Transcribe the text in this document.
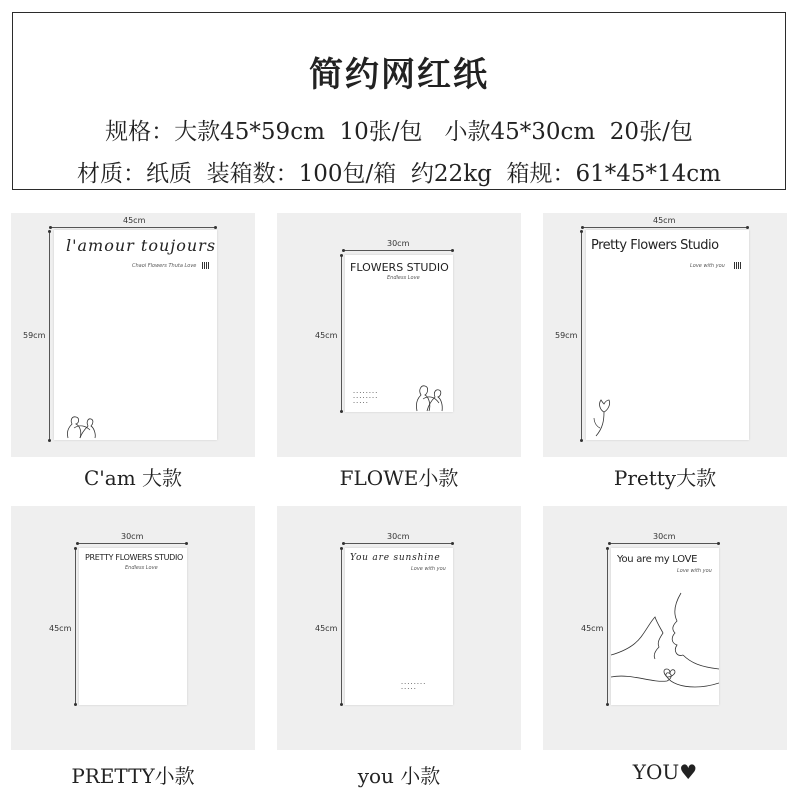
简约网红纸
规格：大款45*59cm  10张/包   小款45*30cm  20张/包
材质：纸质  装箱数：100包/箱  约22kg  箱规：61*45*14cm
45cm
59cm
l'amour toujours
Chaoi Flowers Thuta Love
C'am 大款
30cm
45cm
FLOWERS STUDIO
Endless Love
• • • • • • • •
• • • • • • • •
• • • • •
FLOWE小款
45cm
59cm
Pretty Flowers Studio
Love with you
Pretty大款
30cm
45cm
PRETTY FLOWERS STUDIO
Endless Love
PRETTY小款
30cm
45cm
You are sunshine
Love with you
• • • • • • • •
• • • • •
you 小款
30cm
45cm
You are my LOVE
Love with you
YOU♥
